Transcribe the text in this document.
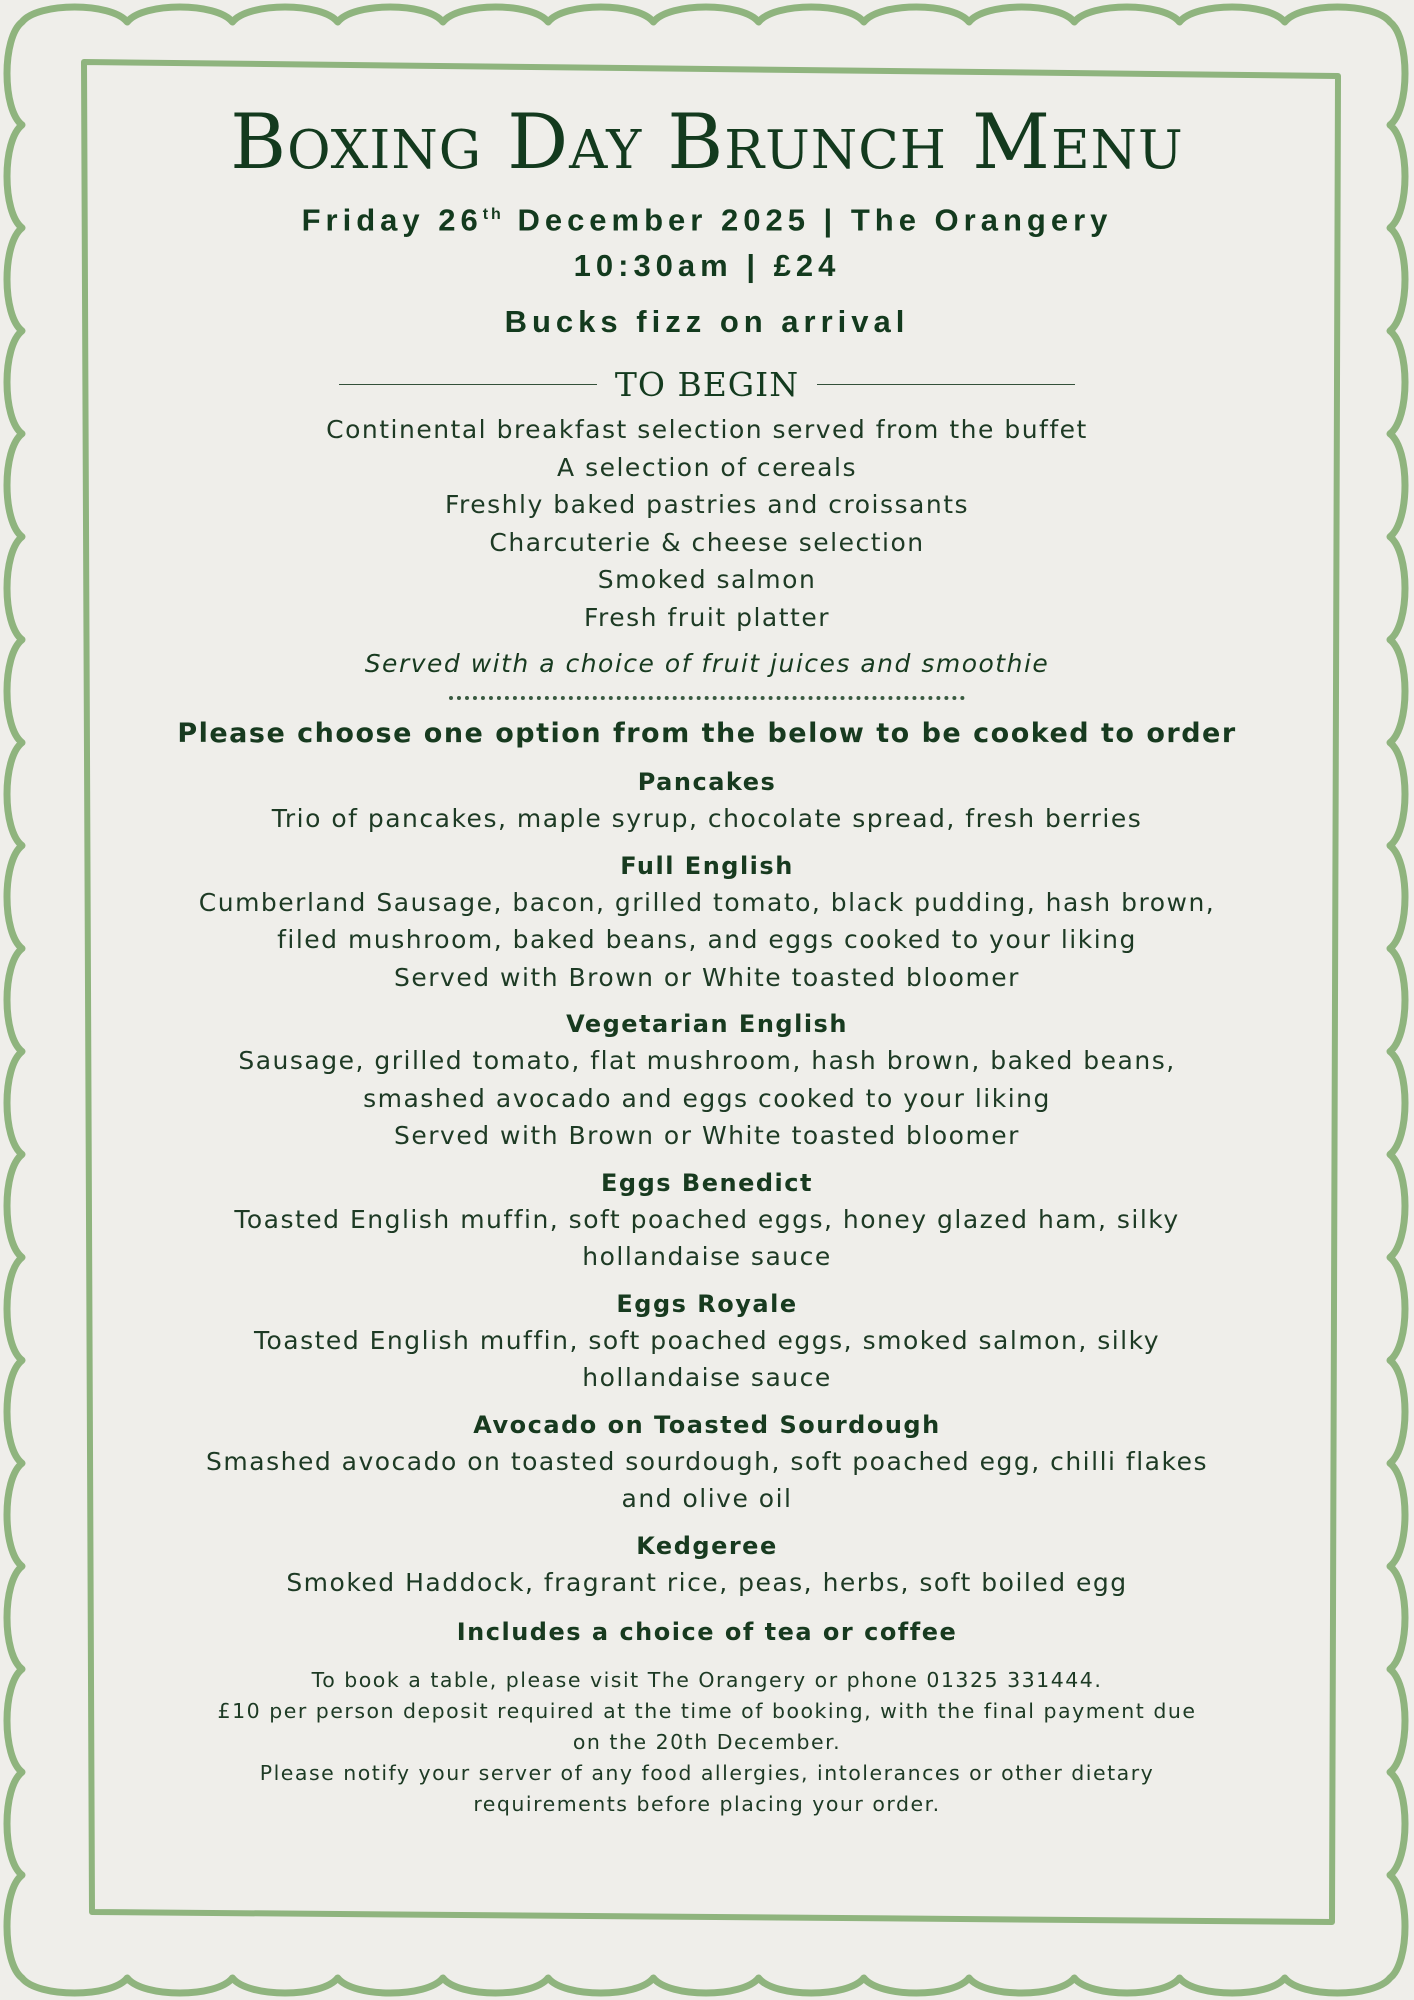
Boxing Day Brunch Menu
Friday 26th December 2025 | The Orangery
10:30am | £24
Bucks fizz on arrival
TO BEGIN
Continental breakfast selection served from the buffet
A selection of cereals
Freshly baked pastries and croissants
Charcuterie & cheese selection
Smoked salmon
Fresh fruit platter
Served with a choice of fruit juices and smoothie
Please choose one option from the below to be cooked to order
Pancakes
Trio of pancakes, maple syrup, chocolate spread, fresh berries
Full English
Cumberland Sausage, bacon, grilled tomato, black pudding, hash brown,
filed mushroom, baked beans, and eggs cooked to your liking
Served with Brown or White toasted bloomer
Vegetarian English
Sausage, grilled tomato, flat mushroom, hash brown, baked beans,
smashed avocado and eggs cooked to your liking
Served with Brown or White toasted bloomer
Eggs Benedict
Toasted English muffin, soft poached eggs, honey glazed ham, silky
hollandaise sauce
Eggs Royale
Toasted English muffin, soft poached eggs, smoked salmon, silky
hollandaise sauce
Avocado on Toasted Sourdough
Smashed avocado on toasted sourdough, soft poached egg, chilli flakes
and olive oil
Kedgeree
Smoked Haddock, fragrant rice, peas, herbs, soft boiled egg
Includes a choice of tea or coffee
To book a table, please visit The Orangery or phone 01325 331444.
£10 per person deposit required at the time of booking, with the final payment due
on the 20th December.
Please notify your server of any food allergies, intolerances or other dietary
requirements before placing your order.
